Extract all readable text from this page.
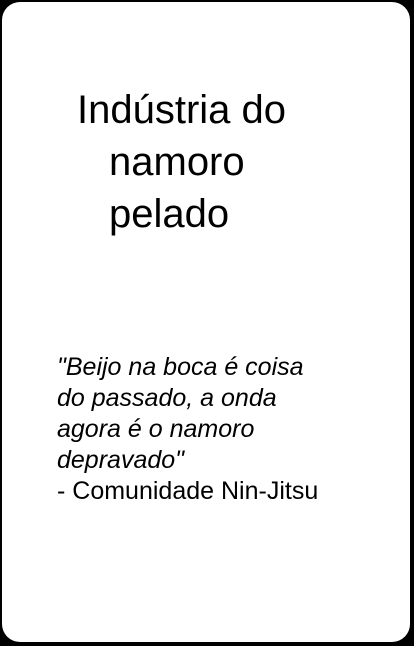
Indústria do
namoro
pelado
"Beijo na boca é coisa
do passado, a onda
agora é o namoro
depravado"
- Comunidade Nin-Jitsu
